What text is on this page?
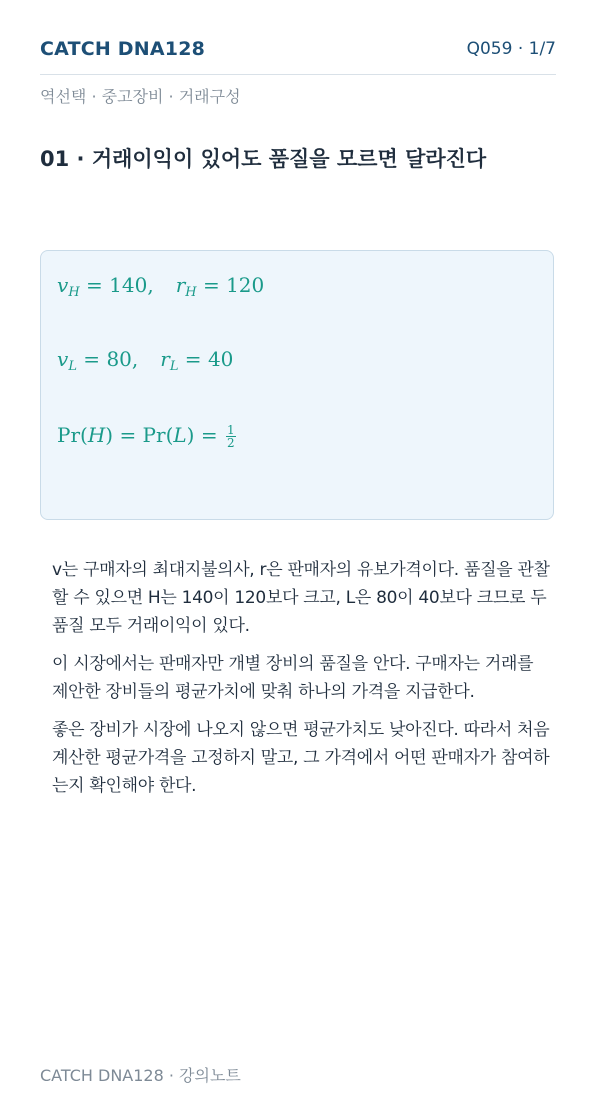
CATCH DNA128	Q059 · 1/7
역선택 · 중고장비 · 거래구성
01 · 거래이익이 있어도 품질을 모르면 달라진다
$v_H = 140$, $r_H = 120$
$v_L = 80$, $r_L = 40$
$Pr(H) = Pr(L) = \frac{1}{2}$

v는 구매자의 최대지불의사, r은 판매자의 유보가격이다. 품질을 관찰할 수 있으면 H는 140이 120보다 크고, L은 80이 40보다 크므로 두 품질 모두 거래이익이 있다.

이 시장에서는 판매자만 개별 장비의 품질을 안다. 구매자는 거래를 제안한 장비들의 평균가치에 맞춰 하나의 가격을 지급한다.

좋은 장비가 시장에 나오지 않으면 평균가치도 낮아진다. 따라서 처음 계산한 평균가격을 고정하지 말고, 그 가격에서 어떤 판매자가 참여하는지 확인해야 한다.

CATCH DNA128 · 강의노트
